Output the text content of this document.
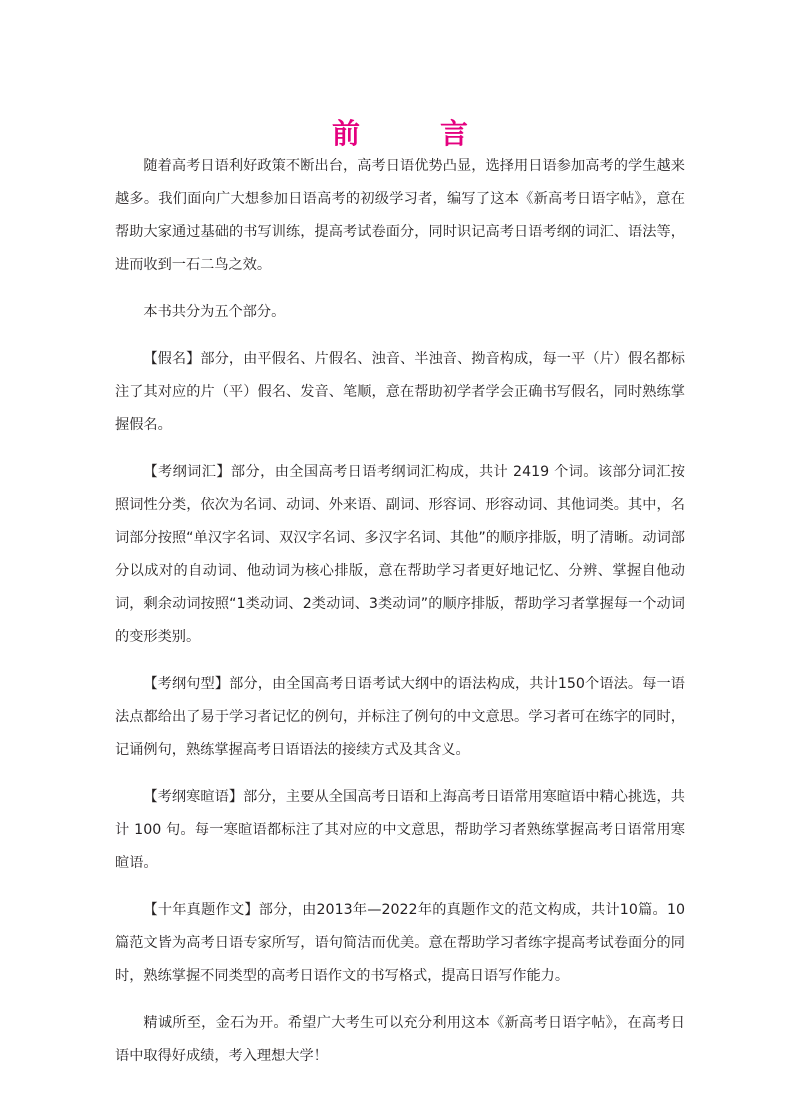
前　言

随着高考日语利好政策不断出台，高考日语优势凸显，选择用日语参加高考的学生越来越多。我们面向广大想参加日语高考的初级学习者，编写了这本《新高考日语字帖》，意在帮助大家通过基础的书写训练，提高考试卷面分，同时识记高考日语考纲的词汇、语法等，进而收到一石二鸟之效。

本书共分为五个部分。

【假名】部分，由平假名、片假名、浊音、半浊音、拗音构成，每一平（片）假名都标注了其对应的片（平）假名、发音、笔顺，意在帮助初学者学会正确书写假名，同时熟练掌握假名。

【考纲词汇】部分，由全国高考日语考纲词汇构成，共计 2419 个词。该部分词汇按照词性分类，依次为名词、动词、外来语、副词、形容词、形容动词、其他词类。其中，名词部分按照“单汉字名词、双汉字名词、多汉字名词、其他”的顺序排版，明了清晰。动词部分以成对的自动词、他动词为核心排版，意在帮助学习者更好地记忆、分辨、掌握自他动词，剩余动词按照“1类动词、2类动词、3类动词”的顺序排版，帮助学习者掌握每一个动词的变形类别。

【考纲句型】部分，由全国高考日语考试大纲中的语法构成，共计150个语法。每一语法点都给出了易于学习者记忆的例句，并标注了例句的中文意思。学习者可在练字的同时，记诵例句，熟练掌握高考日语语法的接续方式及其含义。

【考纲寒暄语】部分，主要从全国高考日语和上海高考日语常用寒暄语中精心挑选，共计 100 句。每一寒暄语都标注了其对应的中文意思，帮助学习者熟练掌握高考日语常用寒暄语。

【十年真题作文】部分，由2013年—2022年的真题作文的范文构成，共计10篇。10篇范文皆为高考日语专家所写，语句简洁而优美。意在帮助学习者练字提高考试卷面分的同时，熟练掌握不同类型的高考日语作文的书写格式，提高日语写作能力。

精诚所至，金石为开。希望广大考生可以充分利用这本《新高考日语字帖》，在高考日语中取得好成绩，考入理想大学！
